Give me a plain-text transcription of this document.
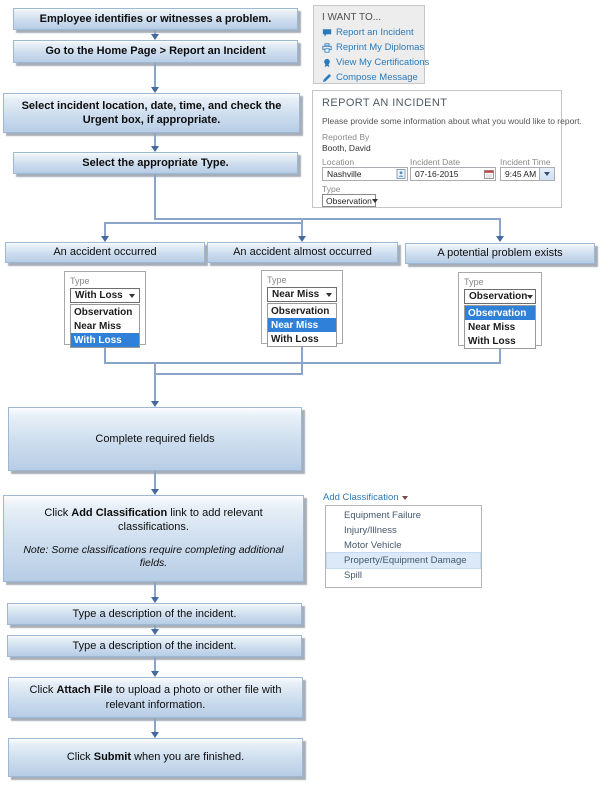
Employee identifies or witnesses a problem.
Go to the Home Page > Report an Incident
Select incident location, date, time, and check the Urgent box, if appropriate.
Select the appropriate Type.
An accident occurred	An accident almost occurred	A potential problem exists
Complete required fields
Click Add Classification link to add relevant classifications.
Note: Some classifications require completing additional fields.
Type a description of the incident.
Type a description of the incident.
Click Attach File to upload a photo or other file with relevant information.
Click Submit when you are finished.
Type
With Loss
Observation
Near Miss
With Loss
Type
Near Miss
Observation
Near Miss
With Loss
Type
Observation
Observation
Near Miss
With Loss
I WANT TO...
Report an Incident
Reprint My Diplomas
View My Certifications
Compose Message
REPORT AN INCIDENT
Please provide some information about what you would like to report.
Reported By
Booth, David
Location
Nashville
Incident Date
07-16-2015
Incident Time
9:45 AM
Type
Observation
Add Classification
Equipment Failure
Injury/Illness
Motor Vehicle
Property/Equipment Damage
Spill
